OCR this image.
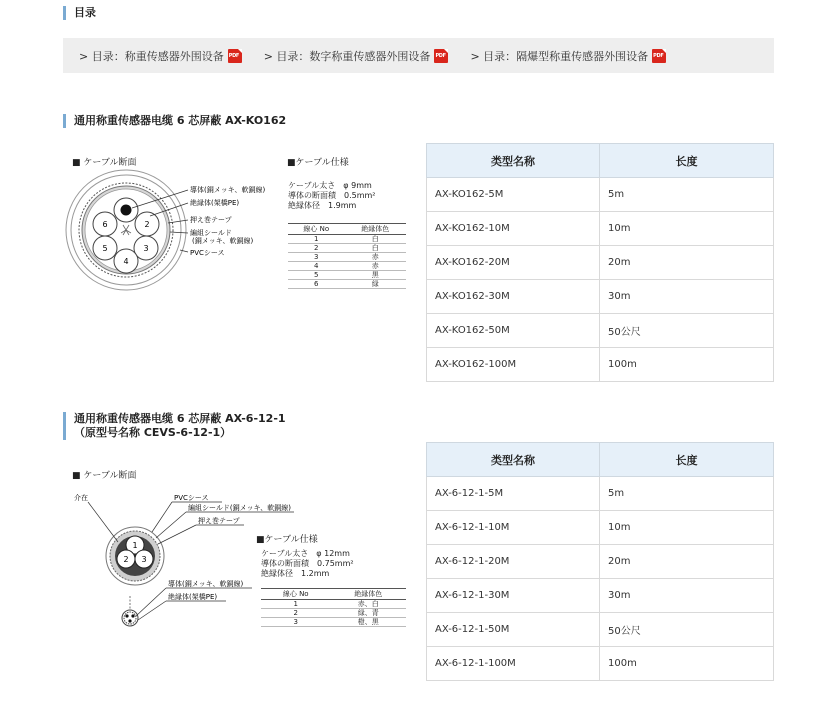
目录
> 目录：称重传感器外围设备 PDF > 目录：数字称重传感器外围设备 PDF > 目录：隔爆型称重传感器外围设备 PDF
通用称重传感器电缆 6 芯屏蔽 AX-KO162
■ ケーブル断面
2
3
4
5
6
導体(銅メッキ、軟銅線)
絶縁体(架橋PE)
押え巻テープ
編組シールド
(銅メッキ、軟銅線)
PVCシース
■ケーブル仕様
ケーブル太さ　φ 9mm
導体の断面積　0.5mm²
絶縁体径　1.9mm
線心 No	絶縁体色
1	白
2	白
3	赤
4	赤
5	黒
6	緑
类型名称	长度
AX-KO162-5M	5m
AX-KO162-10M	10m
AX-KO162-20M	20m
AX-KO162-30M	30m
AX-KO162-50M	50公尺
AX-KO162-100M	100m
通用称重传感器电缆 6 芯屏蔽 AX-6-12-1
（原型号名称 CEVS-6-12-1）
■ ケーブル断面
1
2 3
介在	PVCシース
編組シールド(銅メッキ、軟銅線)
押え巻テープ
導体(銅メッキ、軟銅線)
絶縁体(架橋PE)
■ケーブル仕様
ケーブル太さ　φ 12mm
導体の断面積　0.75mm²
絶縁体径　1.2mm
線心 No	絶縁体色
1	赤、白
2	緑、青
3	橙、黒
类型名称	长度
AX-6-12-1-5M	5m
AX-6-12-1-10M	10m
AX-6-12-1-20M	20m
AX-6-12-1-30M	30m
AX-6-12-1-50M	50公尺
AX-6-12-1-100M	100m
